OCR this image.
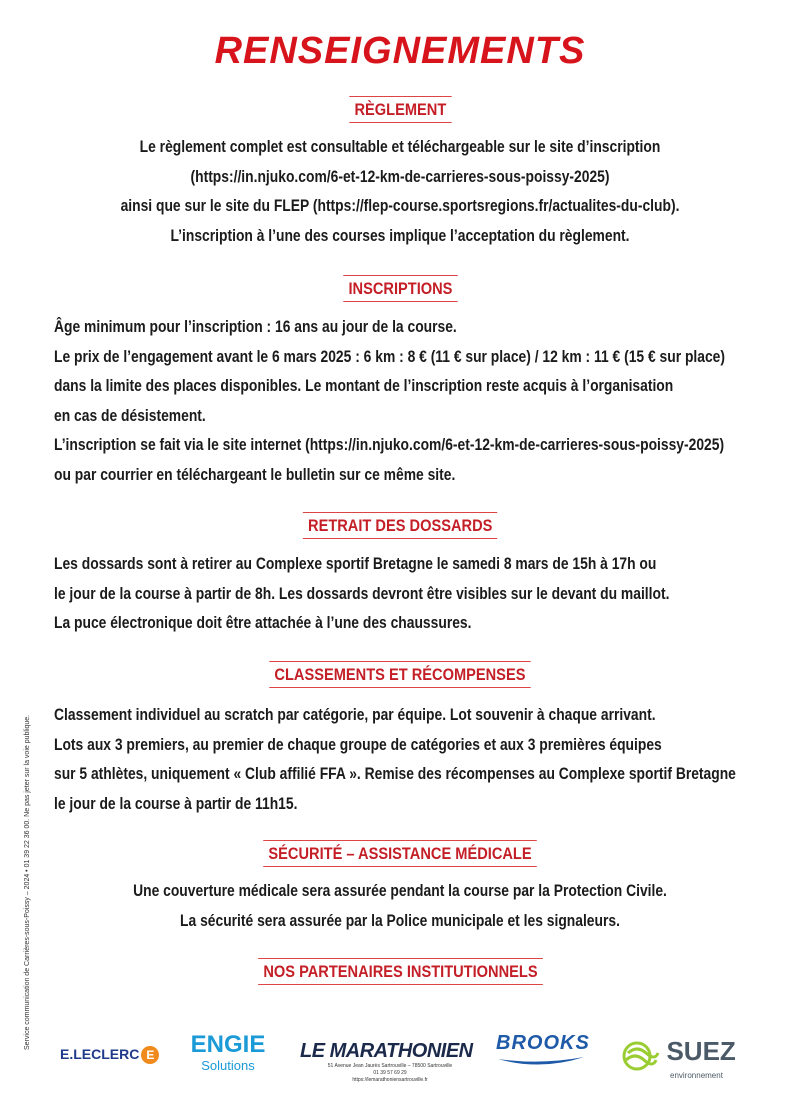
RENSEIGNEMENTS
RÈGLEMENT
Le règlement complet est consultable et téléchargeable sur le site d’inscription
(https://in.njuko.com/6-et-12-km-de-carrieres-sous-poissy-2025)
ainsi que sur le site du FLEP (https://flep-course.sportsregions.fr/actualites-du-club).
L’inscription à l’une des courses implique l’acceptation du règlement.
INSCRIPTIONS
Âge minimum pour l’inscription : 16 ans au jour de la course.
Le prix de l’engagement avant le 6 mars 2025 : 6 km : 8 € (11 € sur place) / 12 km : 11 € (15 € sur place)
dans la limite des places disponibles. Le montant de l’inscription reste acquis à l’organisation
en cas de désistement.
L’inscription se fait via le site internet (https://in.njuko.com/6-et-12-km-de-carrieres-sous-poissy-2025)
ou par courrier en téléchargeant le bulletin sur ce même site.
RETRAIT DES DOSSARDS
Les dossards sont à retirer au Complexe sportif Bretagne le samedi 8 mars de 15h à 17h ou
le jour de la course à partir de 8h. Les dossards devront être visibles sur le devant du maillot.
La puce électronique doit être attachée à l’une des chaussures.
CLASSEMENTS ET RÉCOMPENSES
Classement individuel au scratch par catégorie, par équipe. Lot souvenir à chaque arrivant.
Lots aux 3 premiers, au premier de chaque groupe de catégories et aux 3 premières équipes
sur 5 athlètes, uniquement « Club affilié FFA ». Remise des récompenses au Complexe sportif Bretagne
le jour de la course à partir de 11h15.
SÉCURITÉ – ASSISTANCE MÉDICALE
Une couverture médicale sera assurée pendant la course par la Protection Civile.
La sécurité sera assurée par la Police municipale et les signaleurs.
NOS PARTENAIRES INSTITUTIONNELS
Service communication de Carrières-sous-Poissy – 2024 • 01 39 22 36 00. Ne pas jeter sur la voie publique.
E.LECLERC E	ENGIE
Solutions
LE MARATHONIEN
51 Avenue Jean Jaurès Sartrouville – 78500 Sartrouville
01 39 57 69 29
https://lemarathoniensartrouville.fr
BROOKS	SUEZ
environnement
